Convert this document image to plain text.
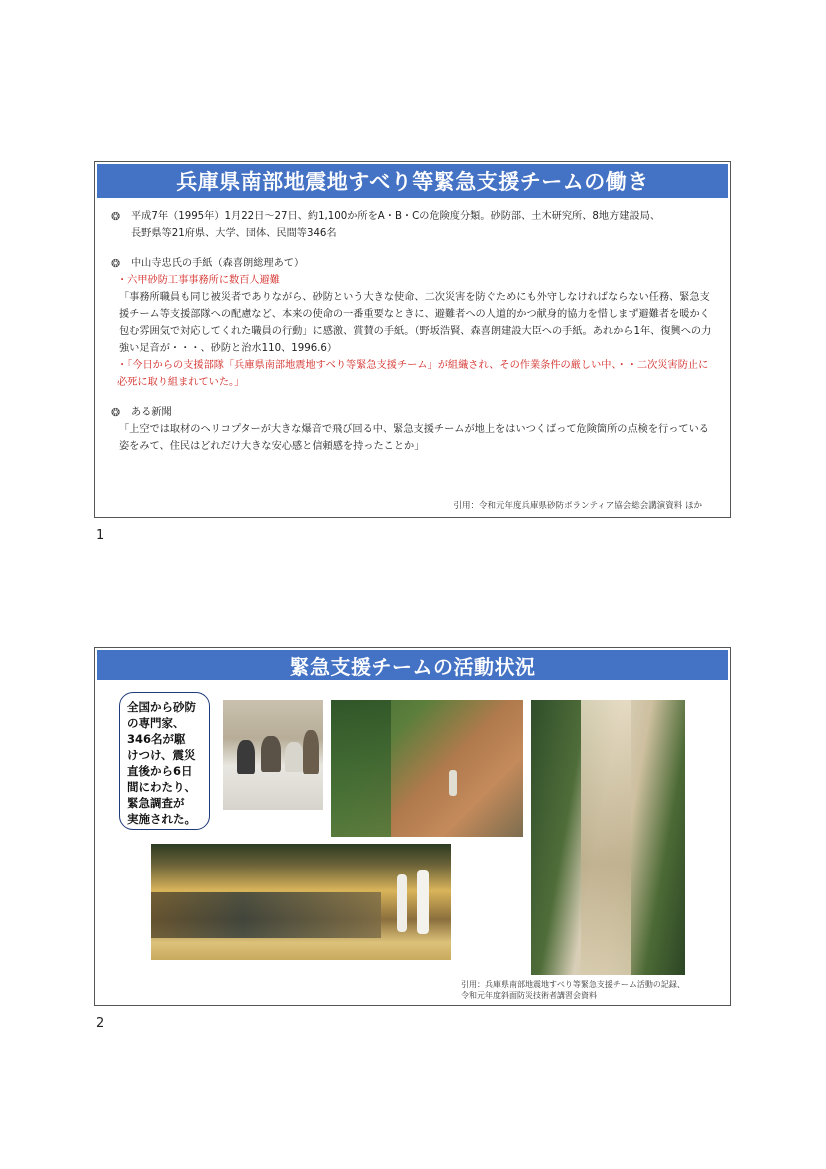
兵庫県南部地震地すべり等緊急支援チームの働き
❂ 平成7年（1995年）1月22日～27日、約1,100か所をA・B・Cの危険度分類。砂防部、土木研究所、8地方建設局、
長野県等21府県、大学、団体、民間等346名
❂ 中山寺忠氏の手紙（森喜朗総理あて）
・六甲砂防工事事務所に数百人避難
「事務所職員も同じ被災者でありながら、砂防という大きな使命、二次災害を防ぐためにも外守しなければならない任務、緊急支援チーム等支援部隊への配慮など、本来の使命の一番重要なときに、避難者への人道的かつ献身的協力を惜しまず避難者を暖かく包む雰囲気で対応してくれた職員の行動」に感激、賞賛の手紙。（野坂浩賢、森喜朗建設大臣への手紙。あれから1年、復興への力強い足音が・・・、砂防と治水110、1996.6）
・「今日からの支援部隊「兵庫県南部地震地すべり等緊急支援チーム」が組織され、その作業条件の厳しい中、・・二次災害防止に必死に取り組まれていた。」
❂ ある新聞
「上空では取材のヘリコプターが大きな爆音で飛び回る中、緊急支援チームが地上をはいつくばって危険箇所の点検を行っている姿をみて、住民はどれだけ大きな安心感と信頼感を持ったことか」
引用：令和元年度兵庫県砂防ボランティア協会総会講演資料 ほか
1
緊急支援チームの活動状況
全国から砂防
の専門家、
346名が駆
けつけ、震災
直後から6日
間にわたり、
緊急調査が
実施された。
引用：兵庫県南部地震地すべり等緊急支援チーム活動の記録、
令和元年度斜面防災技術者講習会資料
2
